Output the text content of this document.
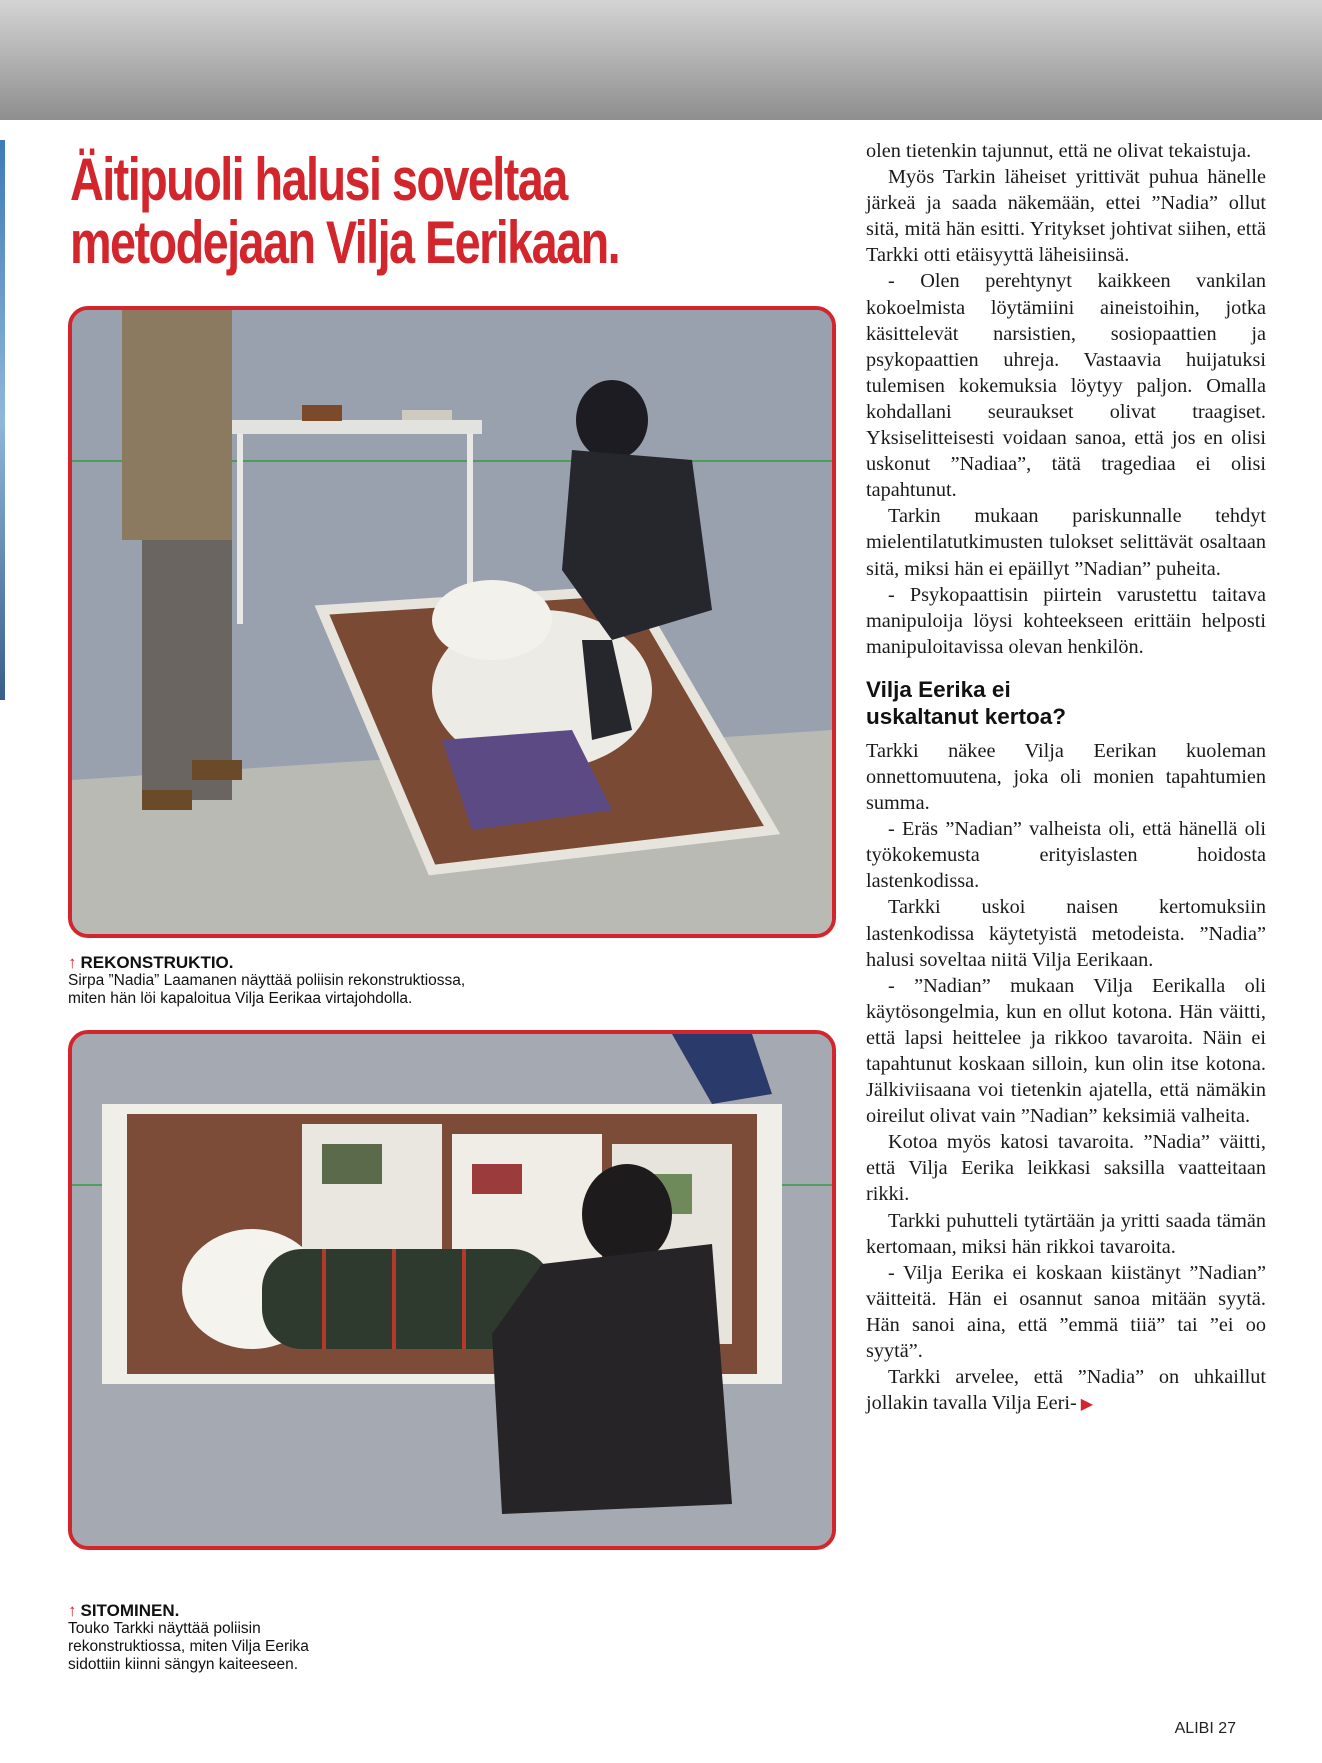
Äitipuoli halusi soveltaa
metodejaan Vilja Eerikaan.
↑ REKONSTRUKTIO.
Sirpa ”Nadia” Laamanen näyttää poliisin rekonstruktiossa,
miten hän löi kapaloitua Vilja Eerikaa virtajohdolla.
↑ SITOMINEN.
Touko Tarkki näyttää poliisin
rekonstruktiossa, miten Vilja Eerika
sidottiin kiinni sängyn kaiteeseen.

olen tietenkin tajunnut, että ne olivat tekaistuja.

Myös Tarkin läheiset yrittivät puhua hänelle järkeä ja saada näkemään, ettei ”Nadia” ollut sitä, mitä hän esitti. Yritykset johtivat siihen, että Tarkki otti etäisyyttä läheisiinsä.

- Olen perehtynyt kaikkeen vankilan kokoelmista löytämiini aineistoihin, jotka käsittelevät narsistien, sosiopaattien ja psykopaattien uhreja. Vastaavia huijatuksi tulemisen kokemuksia löytyy paljon. Omalla kohdallani seuraukset olivat traagiset. Yksiselitteisesti voidaan sanoa, että jos en olisi uskonut ”Nadiaa”, tätä tragediaa ei olisi tapahtunut.

Tarkin mukaan pariskunnalle tehdyt mielentilatutkimusten tulokset selittävät osaltaan sitä, miksi hän ei epäillyt ”Nadian” puheita.

- Psykopaattisin piirtein varustettu taitava manipuloija löysi kohteekseen erittäin helposti manipuloitavissa olevan henkilön.

Vilja Eerika ei
uskaltanut kertoa?

Tarkki näkee Vilja Eerikan kuoleman onnettomuutena, joka oli monien tapahtumien summa.

- Eräs ”Nadian” valheista oli, että hänellä oli työkokemusta erityislasten hoidosta lastenkodissa.

Tarkki uskoi naisen kertomuksiin lastenkodissa käytetyistä metodeista. ”Nadia” halusi soveltaa niitä Vilja Eerikaan.

- ”Nadian” mukaan Vilja Eerikalla oli käytösongelmia, kun en ollut kotona. Hän väitti, että lapsi heittelee ja rikkoo tavaroita. Näin ei tapahtunut koskaan silloin, kun olin itse kotona. Jälkiviisaana voi tietenkin ajatella, että nämäkin oireilut olivat vain ”Nadian” keksimiä valheita.

Kotoa myös katosi tavaroita. ”Nadia” väitti, että Vilja Eerika leikkasi saksilla vaatteitaan rikki.

Tarkki puhutteli tytärtään ja yritti saada tämän kertomaan, miksi hän rikkoi tavaroita.

- Vilja Eerika ei koskaan kiistänyt ”Nadian” väitteitä. Hän ei osannut sanoa mitään syytä. Hän sanoi aina, että ”emmä tiiä” tai ”ei oo syytä”.

Tarkki arvelee, että ”Nadia” on uhkaillut jollakin tavalla Vilja Eeri- ▶

ALIBI 27
